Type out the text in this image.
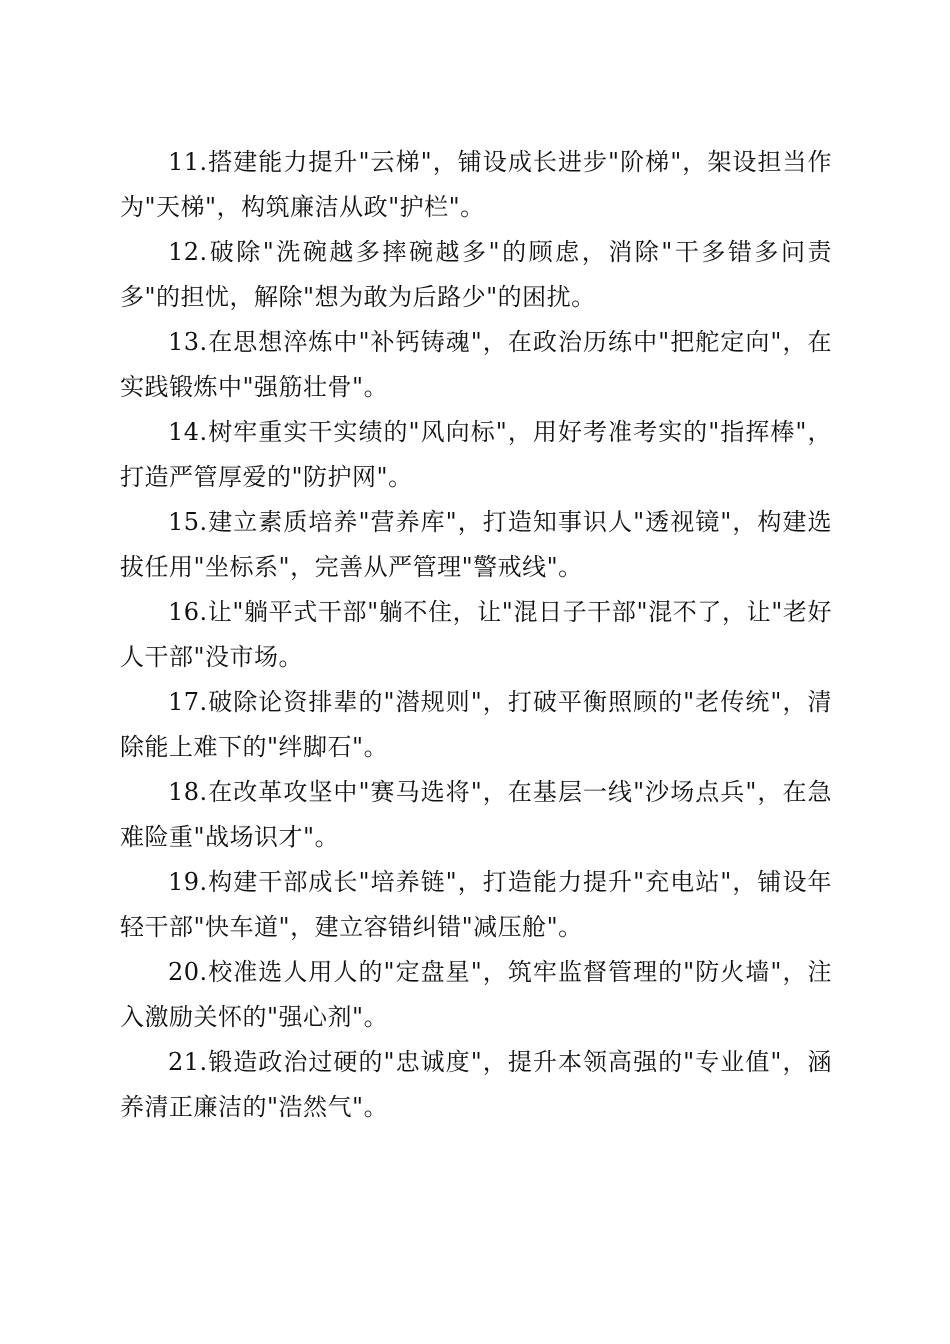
11.搭建能力提升"云梯"，铺设成长进步"阶梯"，架设担当作为"天梯"，构筑廉洁从政"护栏"。

12.破除"洗碗越多摔碗越多"的顾虑，消除"干多错多问责多"的担忧，解除"想为敢为后路少"的困扰。

13.在思想淬炼中"补钙铸魂"，在政治历练中"把舵定向"，在实践锻炼中"强筋壮骨"。

14.树牢重实干实绩的"风向标"，用好考准考实的"指挥棒"，打造严管厚爱的"防护网"。

15.建立素质培养"营养库"，打造知事识人"透视镜"，构建选拔任用"坐标系"，完善从严管理"警戒线"。

16.让"躺平式干部"躺不住，让"混日子干部"混不了，让"老好人干部"没市场。

17.破除论资排辈的"潜规则"，打破平衡照顾的"老传统"，清除能上难下的"绊脚石"。

18.在改革攻坚中"赛马选将"，在基层一线"沙场点兵"，在急难险重"战场识才"。

19.构建干部成长"培养链"，打造能力提升"充电站"，铺设年轻干部"快车道"，建立容错纠错"减压舱"。

20.校准选人用人的"定盘星"，筑牢监督管理的"防火墙"，注入激励关怀的"强心剂"。

21.锻造政治过硬的"忠诚度"，提升本领高强的"专业值"，涵养清正廉洁的"浩然气"。
